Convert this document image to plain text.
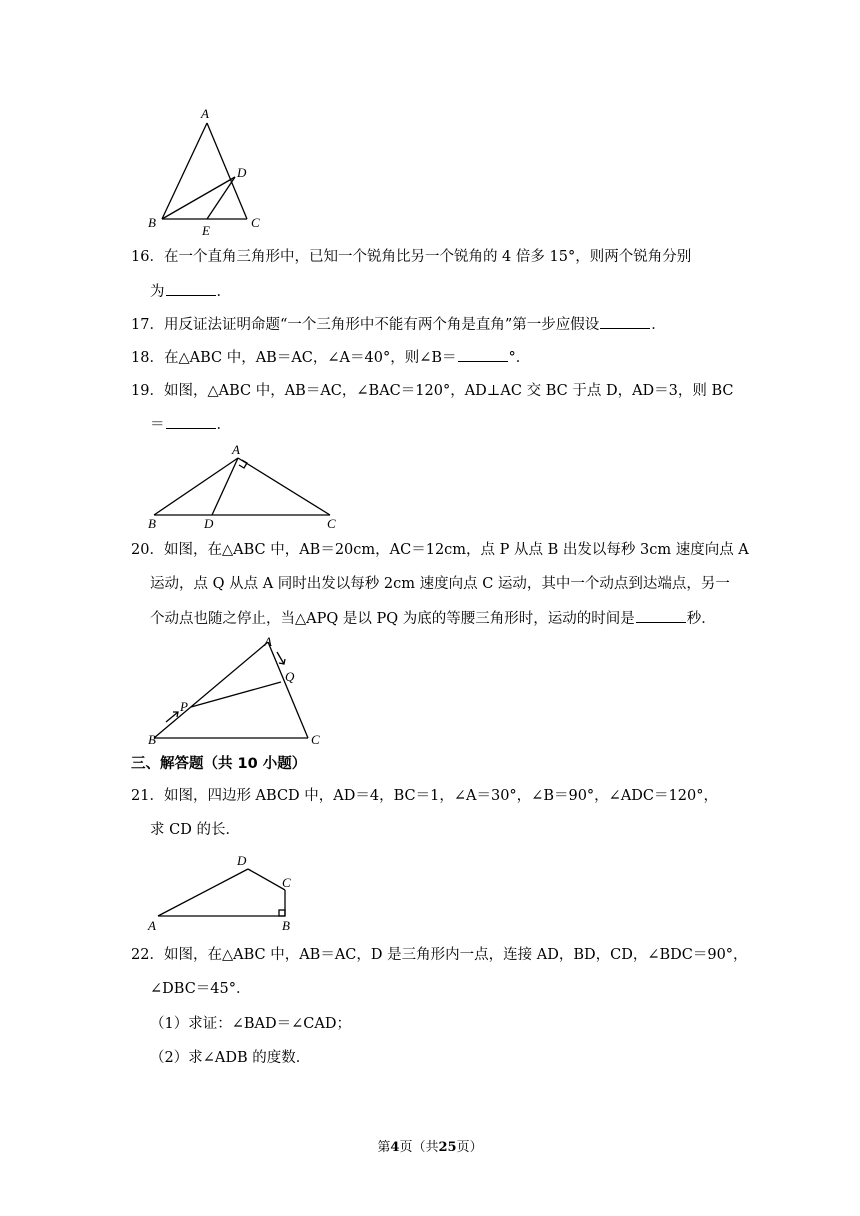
A
B	C
D
E
16．在一个直角三角形中，已知一个锐角比另一个锐角的 4 倍多 15°，则两个锐角分别
为	．
17．用反证法证明命题“一个三角形中不能有两个角是直角”第一步应假设	．
18．在△ABC 中，AB＝AC，∠A＝40°，则∠B＝	°．
19．如图，△ABC 中，AB＝AC，∠BAC＝120°，AD⊥AC 交 BC 于点 D，AD＝3，则 BC
＝	．
A
B	C
D
20．如图，在△ABC 中，AB＝20cm，AC＝12cm，点 P 从点 B 出发以每秒 3cm 速度向点 A
运动，点 Q 从点 A 同时出发以每秒 2cm 速度向点 C 运动，其中一个动点到达端点，另一
个动点也随之停止，当△APQ 是以 PQ 为底的等腰三角形时，运动的时间是	秒．
A
B	C
P
Q
三、解答题（共 10 小题）
21．如图，四边形 ABCD 中，AD＝4，BC＝1，∠A＝30°，∠B＝90°，∠ADC＝120°，
求 CD 的长．
A	B
C
D
22．如图，在△ABC 中，AB＝AC，D 是三角形内一点，连接 AD，BD，CD，∠BDC＝90°，
∠DBC＝45°．
（1）求证：∠BAD＝∠CAD；
（2）求∠ADB 的度数．
第4页（共25页）
